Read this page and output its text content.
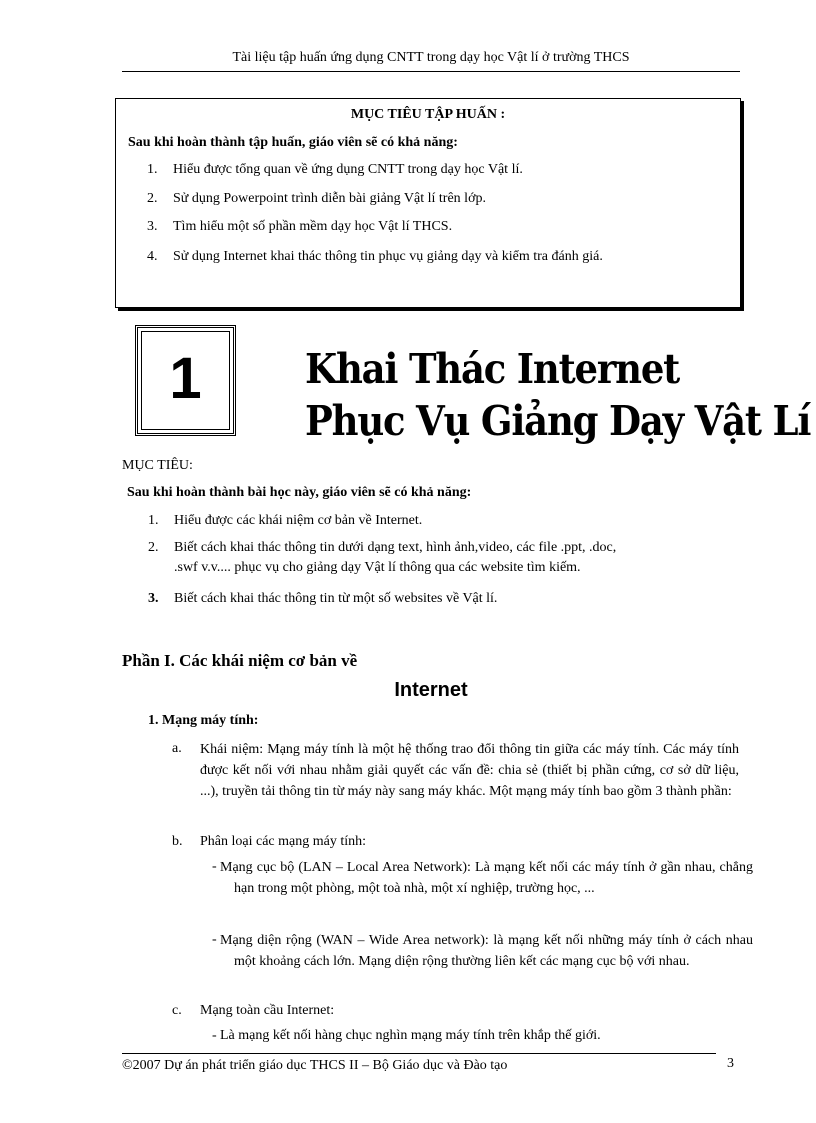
Tài liệu tập huấn ứng dụng CNTT trong dạy học Vật lí ở trường THCS
MỤC TIÊU TẬP HUẤN :
Sau khi hoàn thành tập huấn, giáo viên sẽ có khả năng:
1. Hiểu được tổng quan về ứng dụng CNTT trong dạy học Vật lí.
2. Sử dụng Powerpoint trình diễn bài giảng Vật lí trên lớp.
3. Tìm hiểu một số phần mềm dạy học Vật lí THCS.
4. Sử dụng Internet khai thác thông tin phục vụ giảng dạy và kiểm tra đánh giá.
1	Khai Thác Internet
Phục Vụ Giảng Dạy Vật Lí
MỤC TIÊU:
Sau khi hoàn thành bài học này, giáo viên sẽ có khả năng:
1. Hiểu được các khái niệm cơ bản về Internet.
2. Biết cách khai thác thông tin dưới dạng text, hình ảnh,video, các file .ppt, .doc,
.swf v.v.... phục vụ cho giảng dạy Vật lí thông qua các website tìm kiếm.
3. Biết cách khai thác thông tin từ một số websites về Vật lí.
Phần I. Các khái niệm cơ bản về
Internet
1. Mạng máy tính:
a. Khái niệm: Mạng máy tính là một hệ thống trao đổi thông tin giữa các máy tính. Các máy tính được kết nối với nhau nhằm giải quyết các vấn đề: chia sẻ (thiết bị phần cứng, cơ sở dữ liệu, ...), truyền tải thông tin từ máy này sang máy khác. Một mạng máy tính bao gồm 3 thành phần:
b. Phân loại các mạng máy tính:
- Mạng cục bộ (LAN – Local Area Network): Là mạng kết nối các máy tính ở gần nhau, chẳng hạn trong một phòng, một toà nhà, một xí nghiệp, trường học, ...
- Mạng diện rộng (WAN – Wide Area network): là mạng kết nối những máy tính ở cách nhau một khoảng cách lớn. Mạng diện rộng thường liên kết các mạng cục bộ với nhau.
c. Mạng toàn cầu Internet:
- Là mạng kết nối hàng chục nghìn mạng máy tính trên khắp thế giới.
©2007 Dự án phát triển giáo dục THCS II – Bộ Giáo dục và Đào tạo	3
